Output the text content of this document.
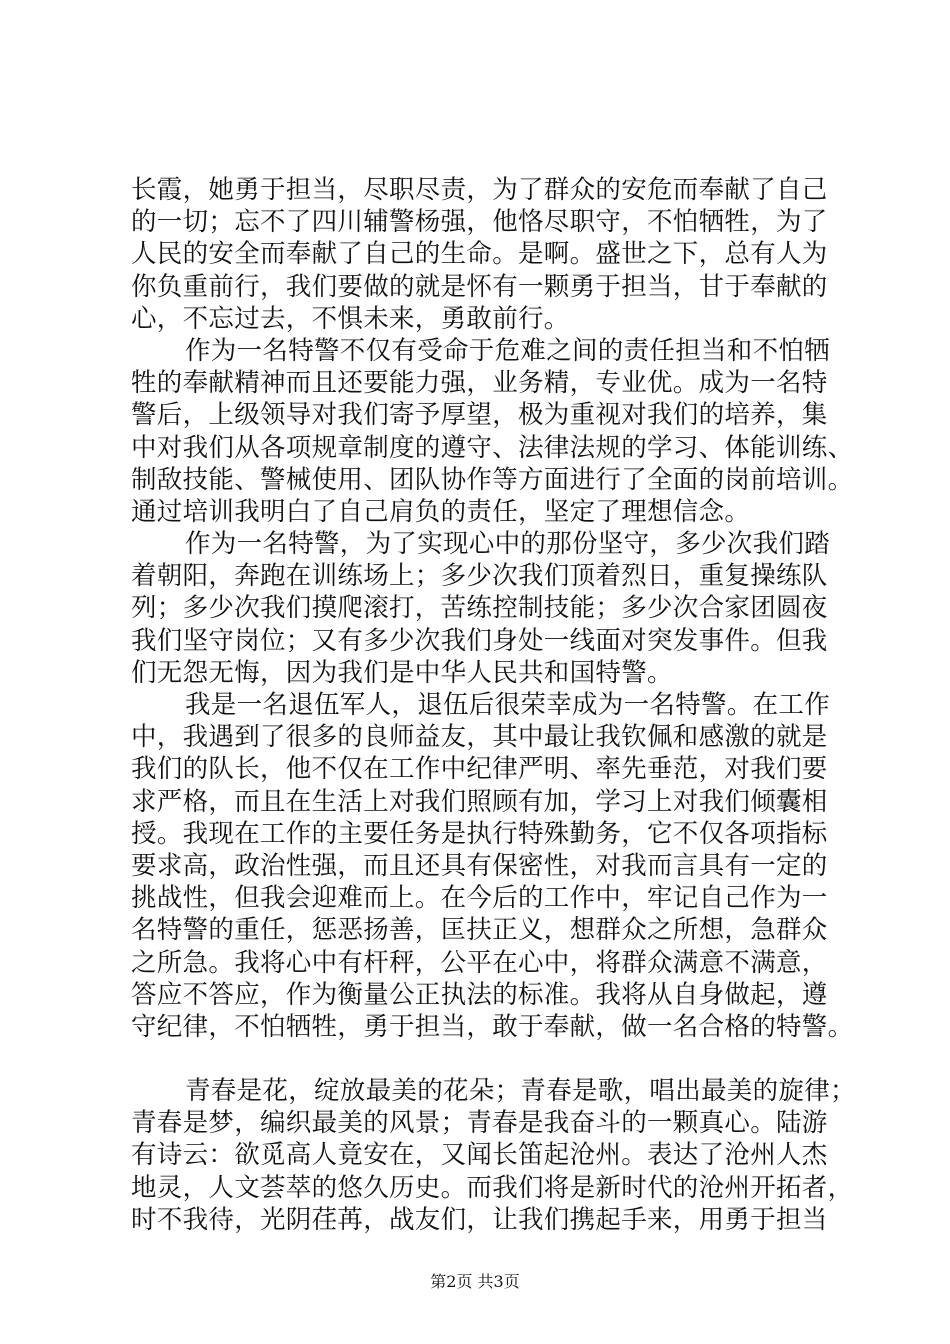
长霞，她勇于担当，尽职尽责，为了群众的安危而奉献了自己
的一切；忘不了四川辅警杨强，他恪尽职守，不怕牺牲，为了
人民的安全而奉献了自己的生命。是啊。盛世之下，总有人为
你负重前行，我们要做的就是怀有一颗勇于担当，甘于奉献的
心，不忘过去，不惧未来，勇敢前行。
作为一名特警不仅有受命于危难之间的责任担当和不怕牺
牲的奉献精神而且还要能力强，业务精，专业优。成为一名特
警后，上级领导对我们寄予厚望，极为重视对我们的培养，集
中对我们从各项规章制度的遵守、法律法规的学习、体能训练、
制敌技能、警械使用、团队协作等方面进行了全面的岗前培训。
通过培训我明白了自己肩负的责任，坚定了理想信念。
作为一名特警，为了实现心中的那份坚守，多少次我们踏
着朝阳，奔跑在训练场上；多少次我们顶着烈日，重复操练队
列；多少次我们摸爬滚打，苦练控制技能；多少次合家团圆夜
我们坚守岗位；又有多少次我们身处一线面对突发事件。但我
们无怨无悔，因为我们是中华人民共和国特警。
我是一名退伍军人，退伍后很荣幸成为一名特警。在工作
中，我遇到了很多的良师益友，其中最让我钦佩和感激的就是
我们的队长，他不仅在工作中纪律严明、率先垂范，对我们要
求严格，而且在生活上对我们照顾有加，学习上对我们倾囊相
授。我现在工作的主要任务是执行特殊勤务，它不仅各项指标
要求高，政治性强，而且还具有保密性，对我而言具有一定的
挑战性，但我会迎难而上。在今后的工作中，牢记自己作为一
名特警的重任，惩恶扬善，匡扶正义，想群众之所想，急群众
之所急。我将心中有杆秤，公平在心中，将群众满意不满意，
答应不答应，作为衡量公正执法的标准。我将从自身做起，遵
守纪律，不怕牺牲，勇于担当，敢于奉献，做一名合格的特警。
青春是花，绽放最美的花朵；青春是歌，唱出最美的旋律；
青春是梦，编织最美的风景；青春是我奋斗的一颗真心。陆游
有诗云：欲觅高人竟安在，又闻长笛起沧州。表达了沧州人杰
地灵，人文荟萃的悠久历史。而我们将是新时代的沧州开拓者，
时不我待，光阴荏苒，战友们，让我们携起手来，用勇于担当
第2页 共3页
